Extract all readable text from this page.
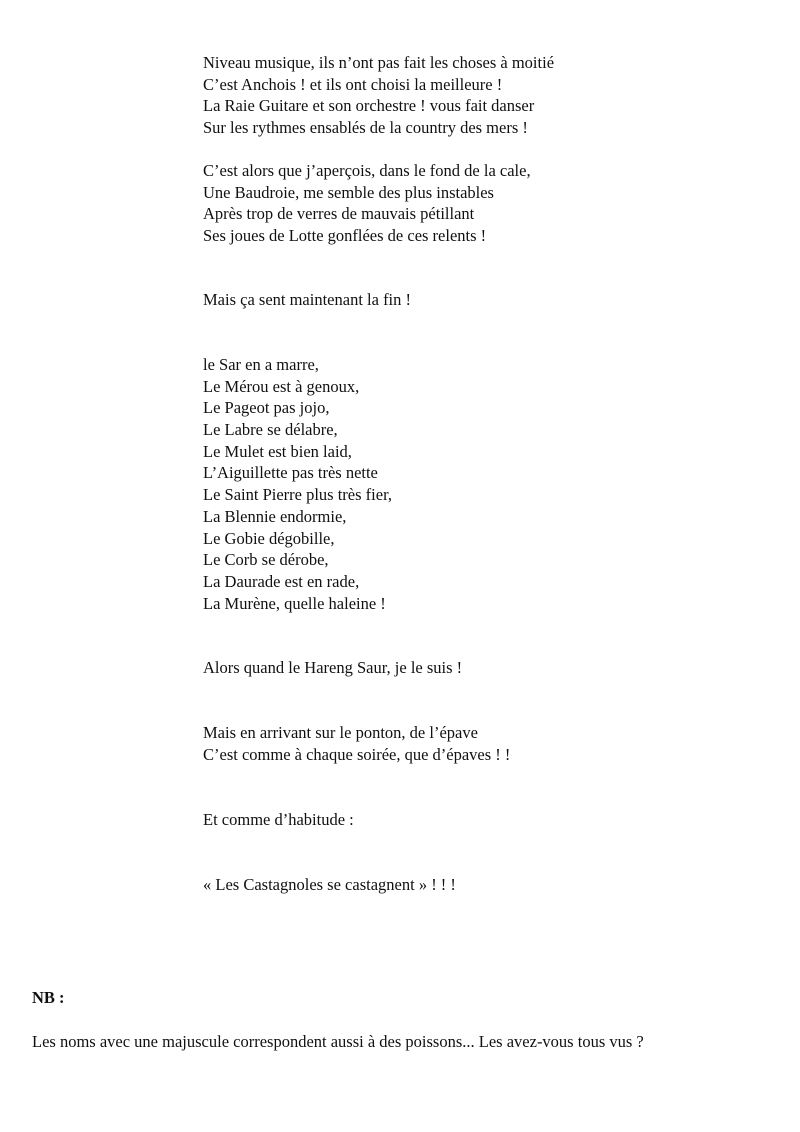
Niveau musique, ils n’ont pas fait les choses à moitié
C’est Anchois ! et ils ont choisi la meilleure !
La Raie Guitare et son orchestre ! vous fait danser
Sur les rythmes ensablés de la country des mers !
C’est alors que j’aperçois, dans le fond de la cale,
Une Baudroie, me semble des plus instables
Après trop de verres de mauvais pétillant
Ses joues de Lotte gonflées de ces relents !
Mais ça sent maintenant la fin !
le Sar en a marre,
Le Mérou est à genoux,
Le Pageot pas jojo,
Le Labre se délabre,
Le Mulet est bien laid,
L’Aiguillette pas très nette
Le Saint Pierre plus très fier,
La Blennie endormie,
Le Gobie dégobille,
Le Corb se dérobe,
La Daurade est en rade,
La Murène, quelle haleine !
Alors quand le Hareng Saur, je le suis !
Mais en arrivant sur le ponton, de l’épave
C’est comme à chaque soirée, que d’épaves ! !
Et comme d’habitude :
« Les Castagnoles se castagnent » ! ! !
NB :
Les noms avec une majuscule correspondent aussi à des poissons... Les avez-vous tous vus ?
